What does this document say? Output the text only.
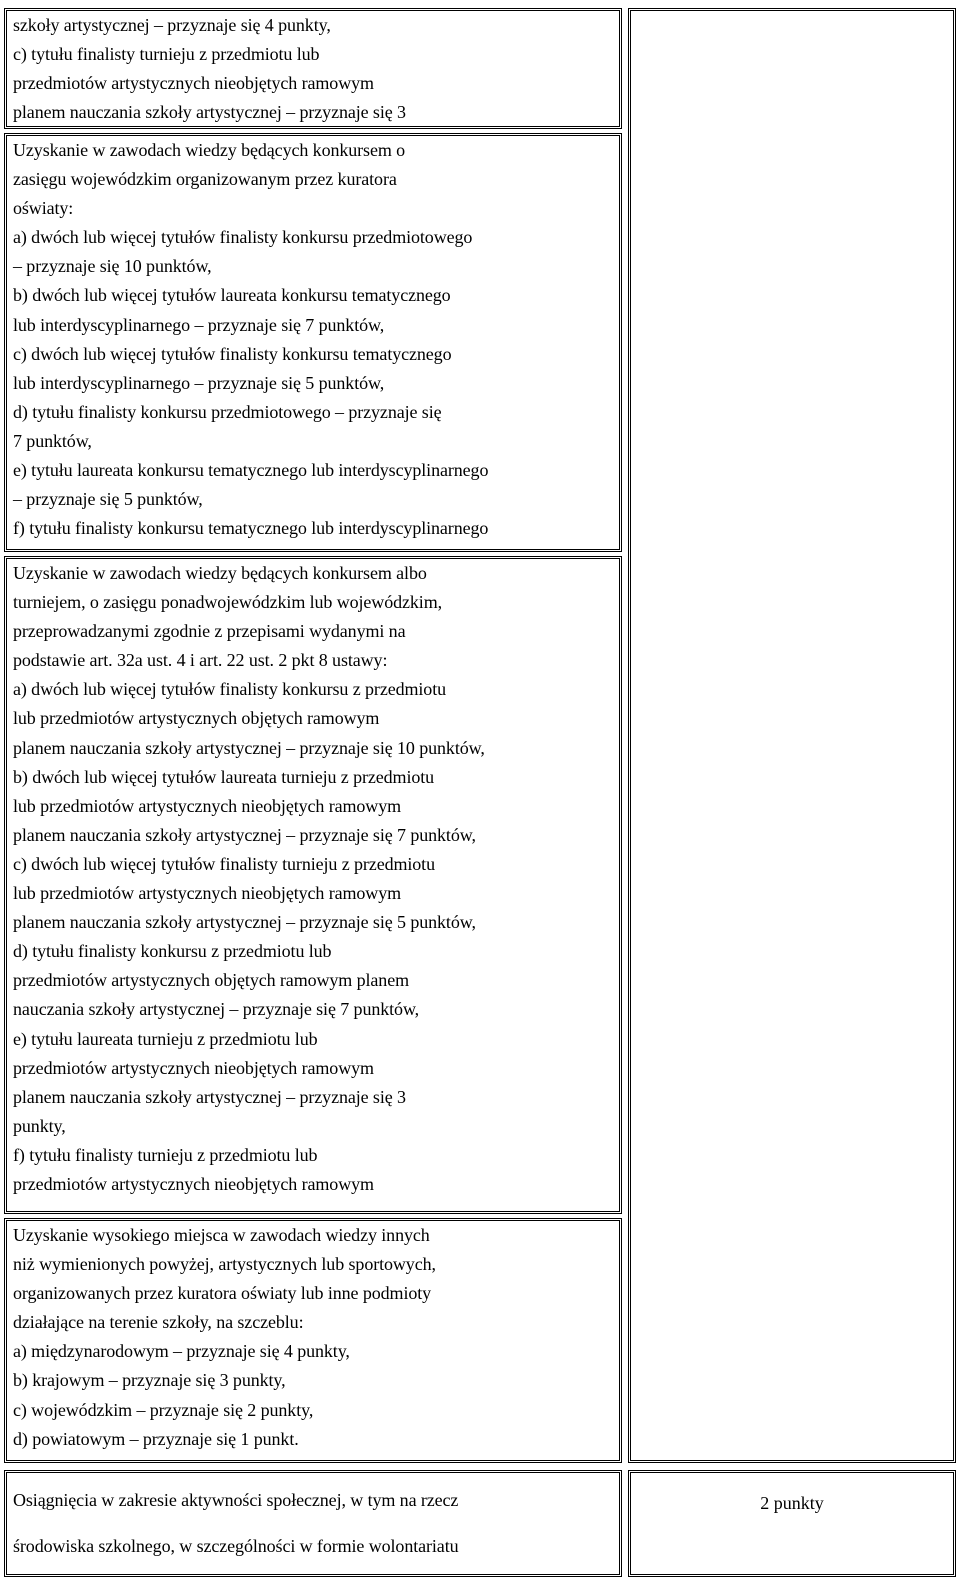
szkoły artystycznej – przyznaje się 4 punkty,
c) tytułu finalisty turnieju z przedmiotu lub
przedmiotów artystycznych nieobjętych ramowym
planem nauczania szkoły artystycznej – przyznaje się 3
Uzyskanie w zawodach wiedzy będących konkursem o
zasięgu wojewódzkim organizowanym przez kuratora
oświaty:
a) dwóch lub więcej tytułów finalisty konkursu przedmiotowego
– przyznaje się 10 punktów,
b) dwóch lub więcej tytułów laureata konkursu tematycznego
lub interdyscyplinarnego – przyznaje się 7 punktów,
c) dwóch lub więcej tytułów finalisty konkursu tematycznego
lub interdyscyplinarnego – przyznaje się 5 punktów,
d) tytułu finalisty konkursu przedmiotowego – przyznaje się
7 punktów,
e) tytułu laureata konkursu tematycznego lub interdyscyplinarnego
– przyznaje się 5 punktów,
f) tytułu finalisty konkursu tematycznego lub interdyscyplinarnego
Uzyskanie w zawodach wiedzy będących konkursem albo
turniejem, o zasięgu ponadwojewódzkim lub wojewódzkim,
przeprowadzanymi zgodnie z przepisami wydanymi na
podstawie art. 32a ust. 4 i art. 22 ust. 2 pkt 8 ustawy:
a) dwóch lub więcej tytułów finalisty konkursu z przedmiotu
lub przedmiotów artystycznych objętych ramowym
planem nauczania szkoły artystycznej – przyznaje się 10 punktów,
b) dwóch lub więcej tytułów laureata turnieju z przedmiotu
lub przedmiotów artystycznych nieobjętych ramowym
planem nauczania szkoły artystycznej – przyznaje się 7 punktów,
c) dwóch lub więcej tytułów finalisty turnieju z przedmiotu
lub przedmiotów artystycznych nieobjętych ramowym
planem nauczania szkoły artystycznej – przyznaje się 5 punktów,
d) tytułu finalisty konkursu z przedmiotu lub
przedmiotów artystycznych objętych ramowym planem
nauczania szkoły artystycznej – przyznaje się 7 punktów,
e) tytułu laureata turnieju z przedmiotu lub
przedmiotów artystycznych nieobjętych ramowym
planem nauczania szkoły artystycznej – przyznaje się 3
punkty,
f) tytułu finalisty turnieju z przedmiotu lub
przedmiotów artystycznych nieobjętych ramowym
Uzyskanie wysokiego miejsca w zawodach wiedzy innych
niż wymienionych powyżej, artystycznych lub sportowych,
organizowanych przez kuratora oświaty lub inne podmioty
działające na terenie szkoły, na szczeblu:
a) międzynarodowym – przyznaje się 4 punkty,
b) krajowym – przyznaje się 3 punkty,
c) wojewódzkim – przyznaje się 2 punkty,
d) powiatowym – przyznaje się 1 punkt.
Osiągnięcia w zakresie aktywności społecznej, w tym na rzecz
środowiska szkolnego, w szczególności w formie wolontariatu
2 punkty
